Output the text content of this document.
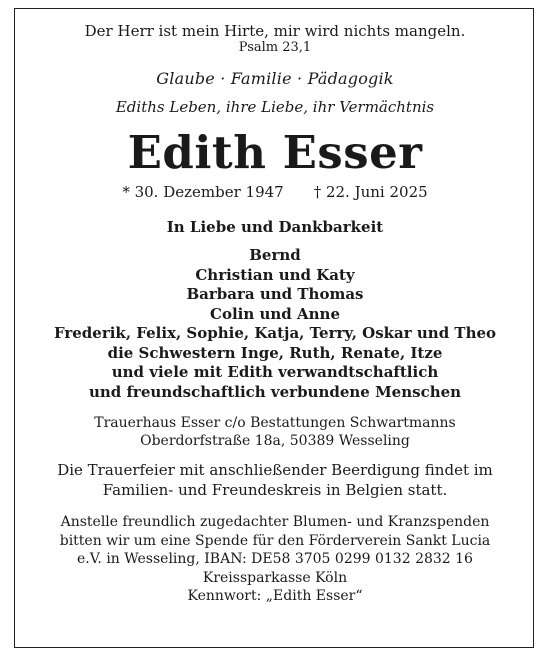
Der Herr ist mein Hirte, mir wird nichts mangeln.
Psalm 23,1
Glaube · Familie · Pädagogik
Ediths Leben, ihre Liebe, ihr Vermächtnis
Edith Esser
* 30. Dezember 1947 † 22. Juni 2025
In Liebe und Dankbarkeit
Bernd
Christian und Katy
Barbara und Thomas
Colin und Anne
Frederik, Felix, Sophie, Katja, Terry, Oskar und Theo
die Schwestern Inge, Ruth, Renate, Itze
und viele mit Edith verwandtschaftlich
und freundschaftlich verbundene Menschen
Trauerhaus Esser c/o Bestattungen Schwartmanns
Oberdorfstraße 18a, 50389 Wesseling
Die Trauerfeier mit anschließender Beerdigung findet im
Familien- und Freundeskreis in Belgien statt.
Anstelle freundlich zugedachter Blumen- und Kranzspenden
bitten wir um eine Spende für den Förderverein Sankt Lucia
e.V. in Wesseling, IBAN: DE58 3705 0299 0132 2832 16
Kreissparkasse Köln
Kennwort: „Edith Esser“
